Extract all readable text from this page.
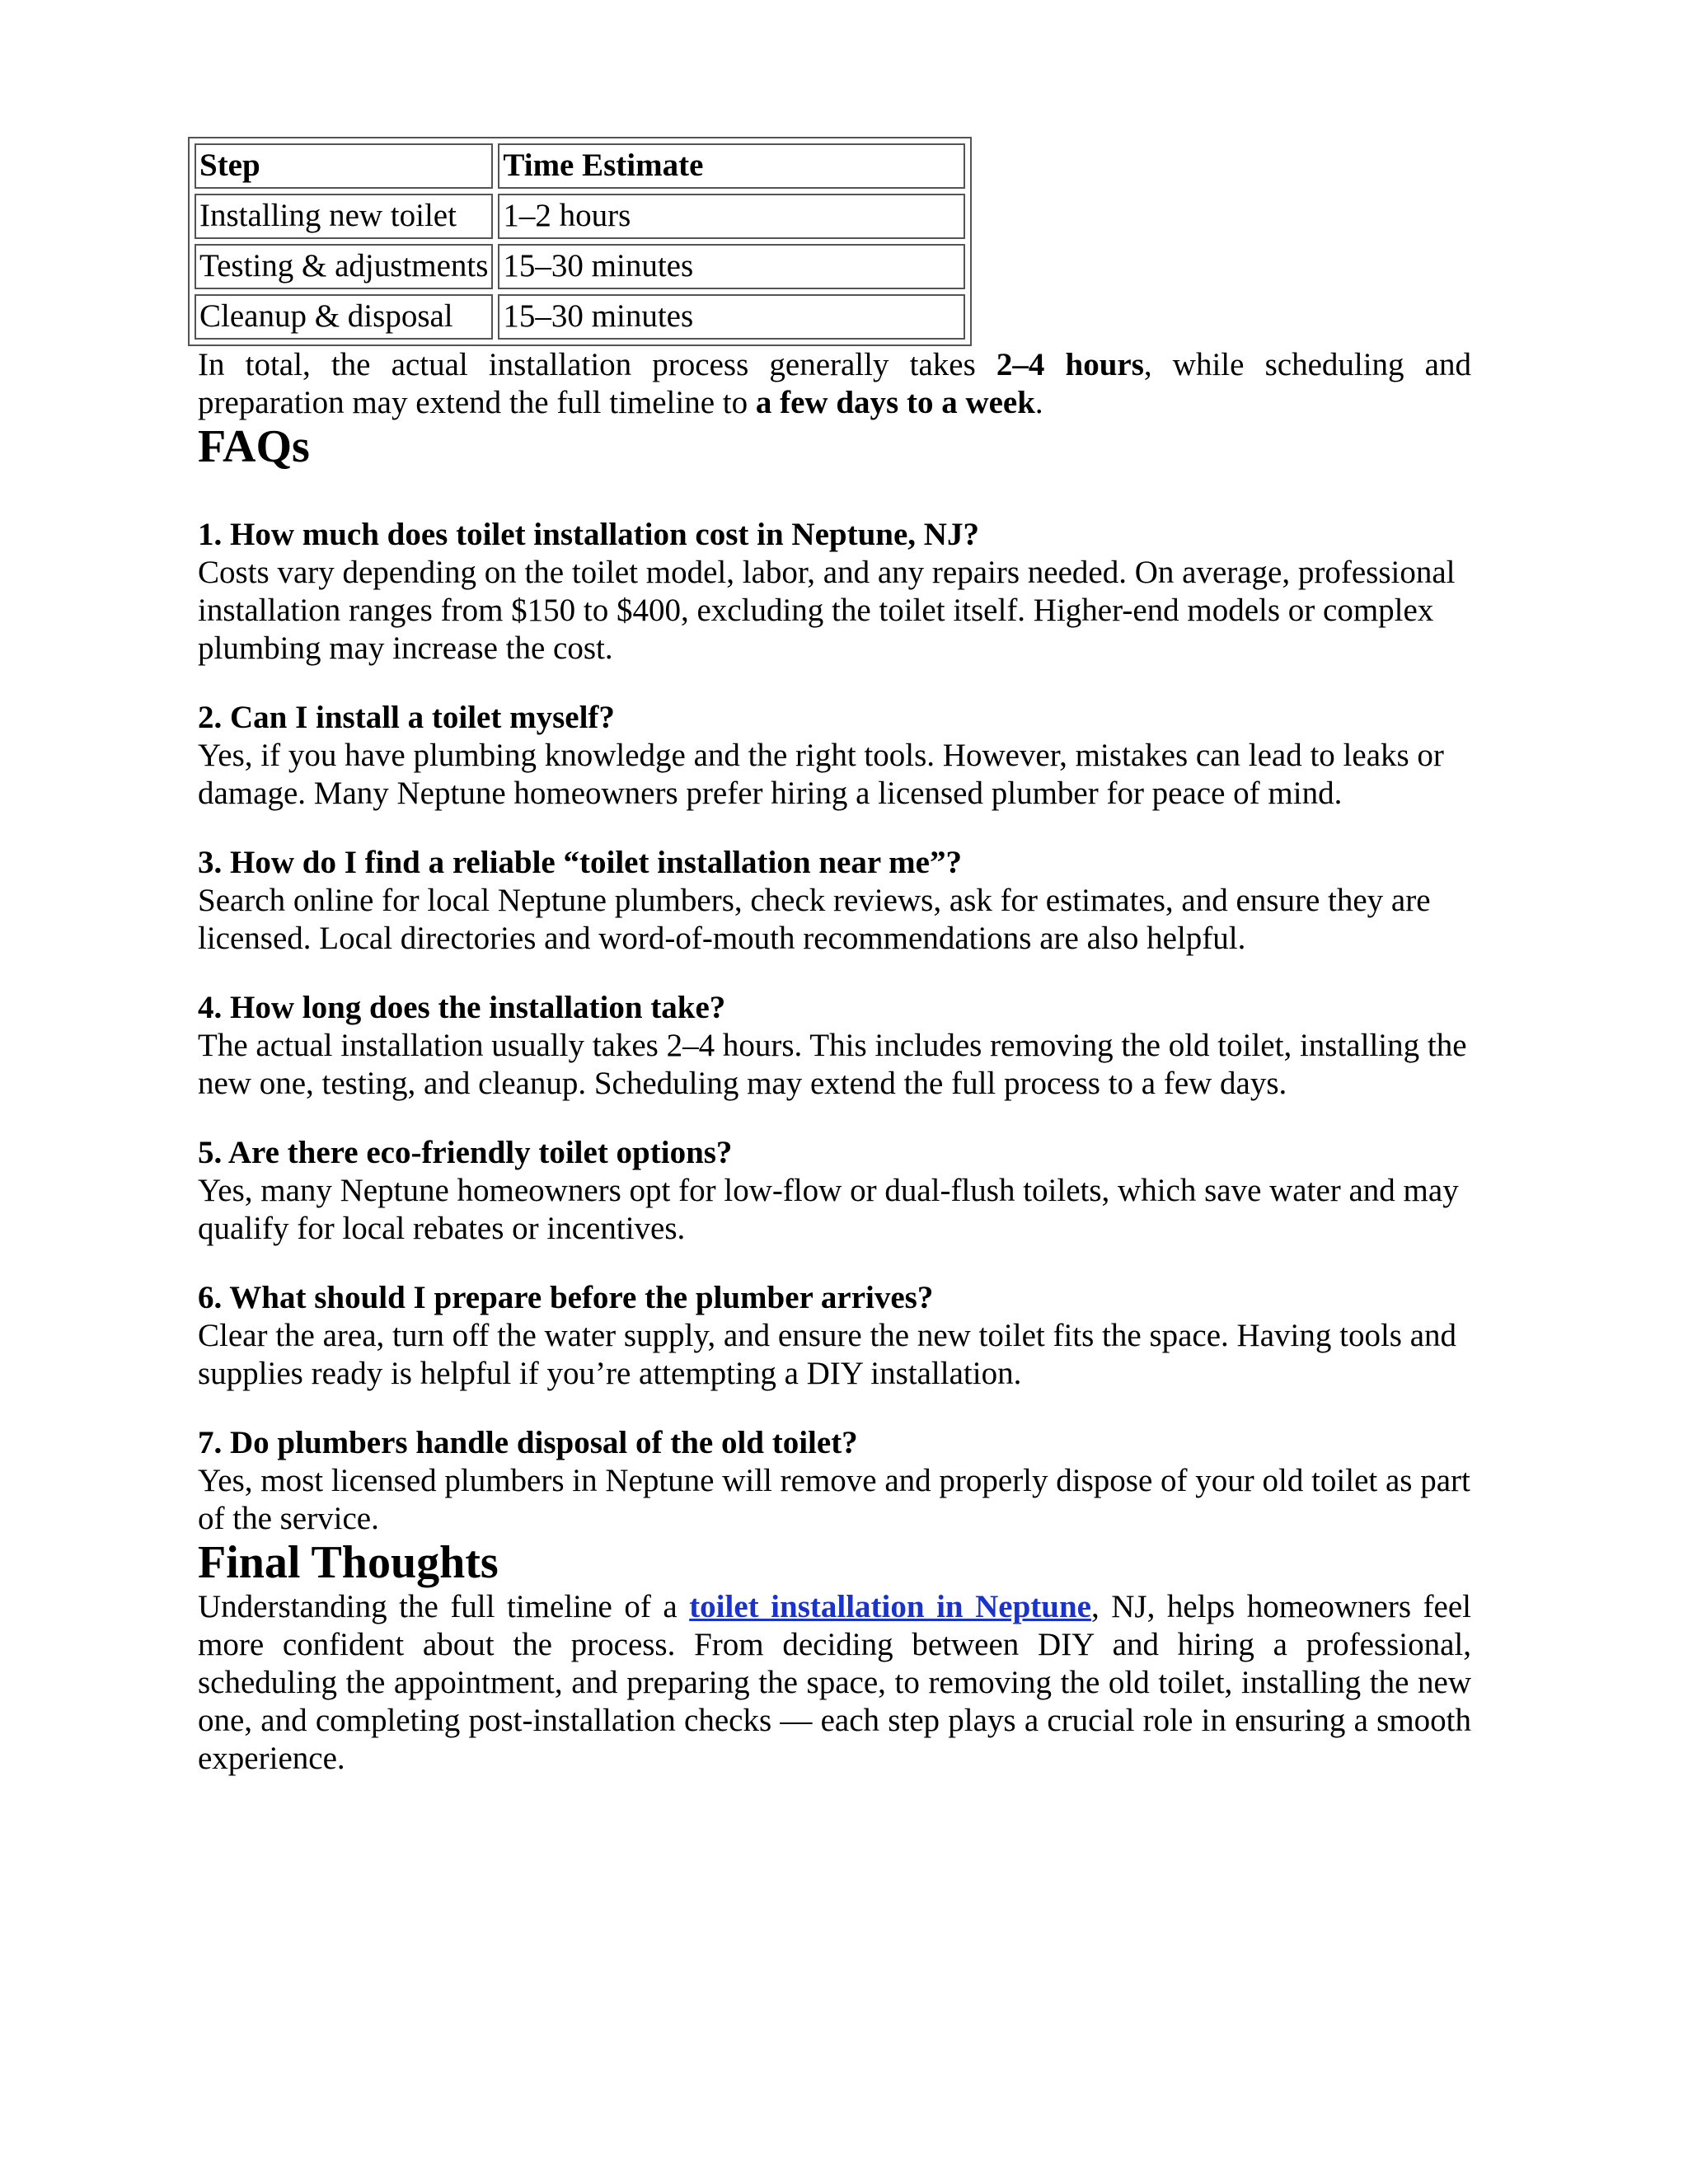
Step	Time Estimate
Installing new toilet	1–2 hours
Testing & adjustments	15–30 minutes
Cleanup & disposal	15–30 minutes

In total, the actual installation process generally takes 2–4 hours, while scheduling and preparation may extend the full timeline to a few days to a week.

FAQs

1. How much does toilet installation cost in Neptune, NJ?

Costs vary depending on the toilet model, labor, and any repairs needed. On average, professional installation ranges from $150 to $400, excluding the toilet itself. Higher-end models or complex plumbing may increase the cost.

2. Can I install a toilet myself?

Yes, if you have plumbing knowledge and the right tools. However, mistakes can lead to leaks or damage. Many Neptune homeowners prefer hiring a licensed plumber for peace of mind.

3. How do I find a reliable “toilet installation near me”?

Search online for local Neptune plumbers, check reviews, ask for estimates, and ensure they are licensed. Local directories and word-of-mouth recommendations are also helpful.

4. How long does the installation take?

The actual installation usually takes 2–4 hours. This includes removing the old toilet, installing the new one, testing, and cleanup. Scheduling may extend the full process to a few days.

5. Are there eco-friendly toilet options?

Yes, many Neptune homeowners opt for low-flow or dual-flush toilets, which save water and may qualify for local rebates or incentives.

6. What should I prepare before the plumber arrives?

Clear the area, turn off the water supply, and ensure the new toilet fits the space. Having tools and supplies ready is helpful if you’re attempting a DIY installation.

7. Do plumbers handle disposal of the old toilet?

Yes, most licensed plumbers in Neptune will remove and properly dispose of your old toilet as part of the service.

Final Thoughts

Understanding the full timeline of a toilet installation in Neptune, NJ, helps homeowners feel more confident about the process. From deciding between DIY and hiring a professional, scheduling the appointment, and preparing the space, to removing the old toilet, installing the new one, and completing post-installation checks — each step plays a crucial role in ensuring a smooth experience.
